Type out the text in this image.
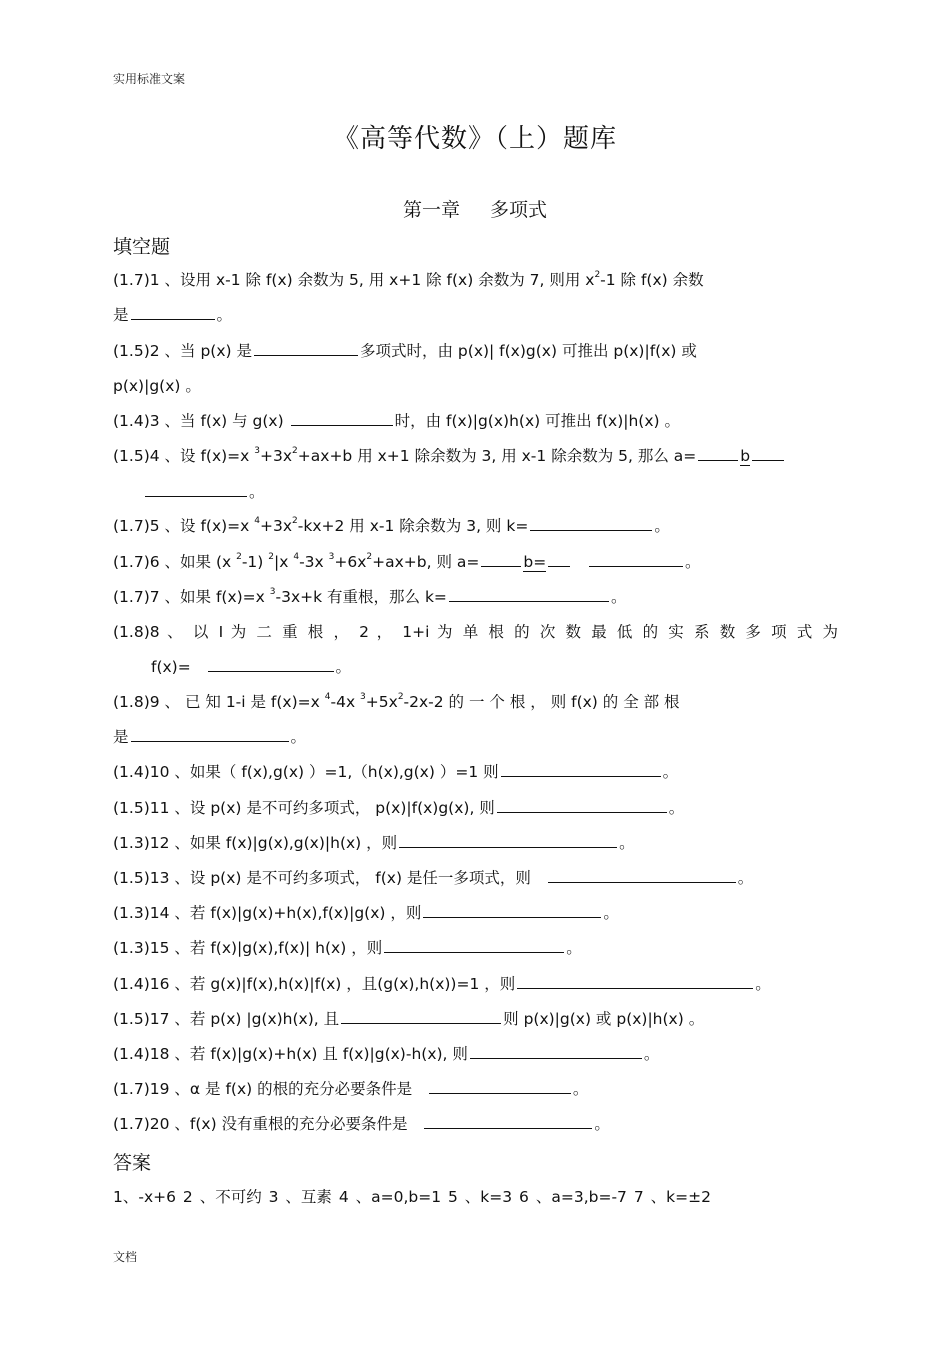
实用标准文案
《高等代数》（上）题库
第一章 多项式
填空题
(1.7)1 、设用 x-1 除 f(x) 余数为 5, 用 x+1 除 f(x) 余数为 7, 则用 $x^2-1$ 除 f(x) 余数
是	。
(1.5)2 、当 p(x) 是	多项式时，由 p(x)| f(x)g(x) 可推出 p(x)|f(x) 或
p(x)|g(x) 。
(1.4)3 、当 f(x) 与 g(x)	时，由 f(x)|g(x)h(x) 可推出 f(x)|h(x) 。
(1.5)4 、设 f(x)=x $^3+3x^2+ax+b$ 用 x+1 除余数为 3, 用 x-1 除余数为 5, 那么 a=	b
。
(1.7)5 、设 f(x)=x $^4+3x^2-kx+2$ 用 x-1 除余数为 3, 则 k=	。
(1.7)6 、如果 (x $^2$-1) $^2$|x $^4$-3x $^3+6x^2+ax+b$, 则 a=	b=	。
(1.7)7 、如果 f(x)=x $^3$-3x+k 有重根，那么 k=	。
(1.8)8 、 以 I 为 二 重 根 ， 2 ， 1+i 为 单 根 的 次 数 最 低 的 实 系 数 多 项 式 为
f(x)=	。
(1.8)9 、 已 知 1-i 是 f(x)=x $^4$-4x $^3+5x^2-2x-2$ 的 一 个 根 ， 则 f(x) 的 全 部 根
是	。
(1.4)10 、如果（ f(x),g(x) ）=1,（h(x),g(x) ）=1 则	。
(1.5)11 、设 p(x) 是不可约多项式， p(x)|f(x)g(x), 则	。
(1.3)12 、如果 f(x)|g(x),g(x)|h(x) ，则	。
(1.5)13 、设 p(x) 是不可约多项式， f(x) 是任一多项式，则	。
(1.3)14 、若 f(x)|g(x)+h(x),f(x)|g(x) ，则	。
(1.3)15 、若 f(x)|g(x),f(x)| h(x) ，则	。
(1.4)16 、若 g(x)|f(x),h(x)|f(x) ，且(g(x),h(x))=1 ，则	。
(1.5)17 、若 p(x) |g(x)h(x), 且	则 p(x)|g(x) 或 p(x)|h(x) 。
(1.4)18 、若 f(x)|g(x)+h(x) 且 f(x)|g(x)-h(x), 则	。
(1.7)19 、α 是 f(x) 的根的充分必要条件是	。
(1.7)20 、f(x) 没有重根的充分必要条件是	。
答案
1、-x+6 2 、不可约 3 、互素 4 、a=0,b=1 5 、k=3 6 、a=3,b=-7 7 、k=±2
文档
